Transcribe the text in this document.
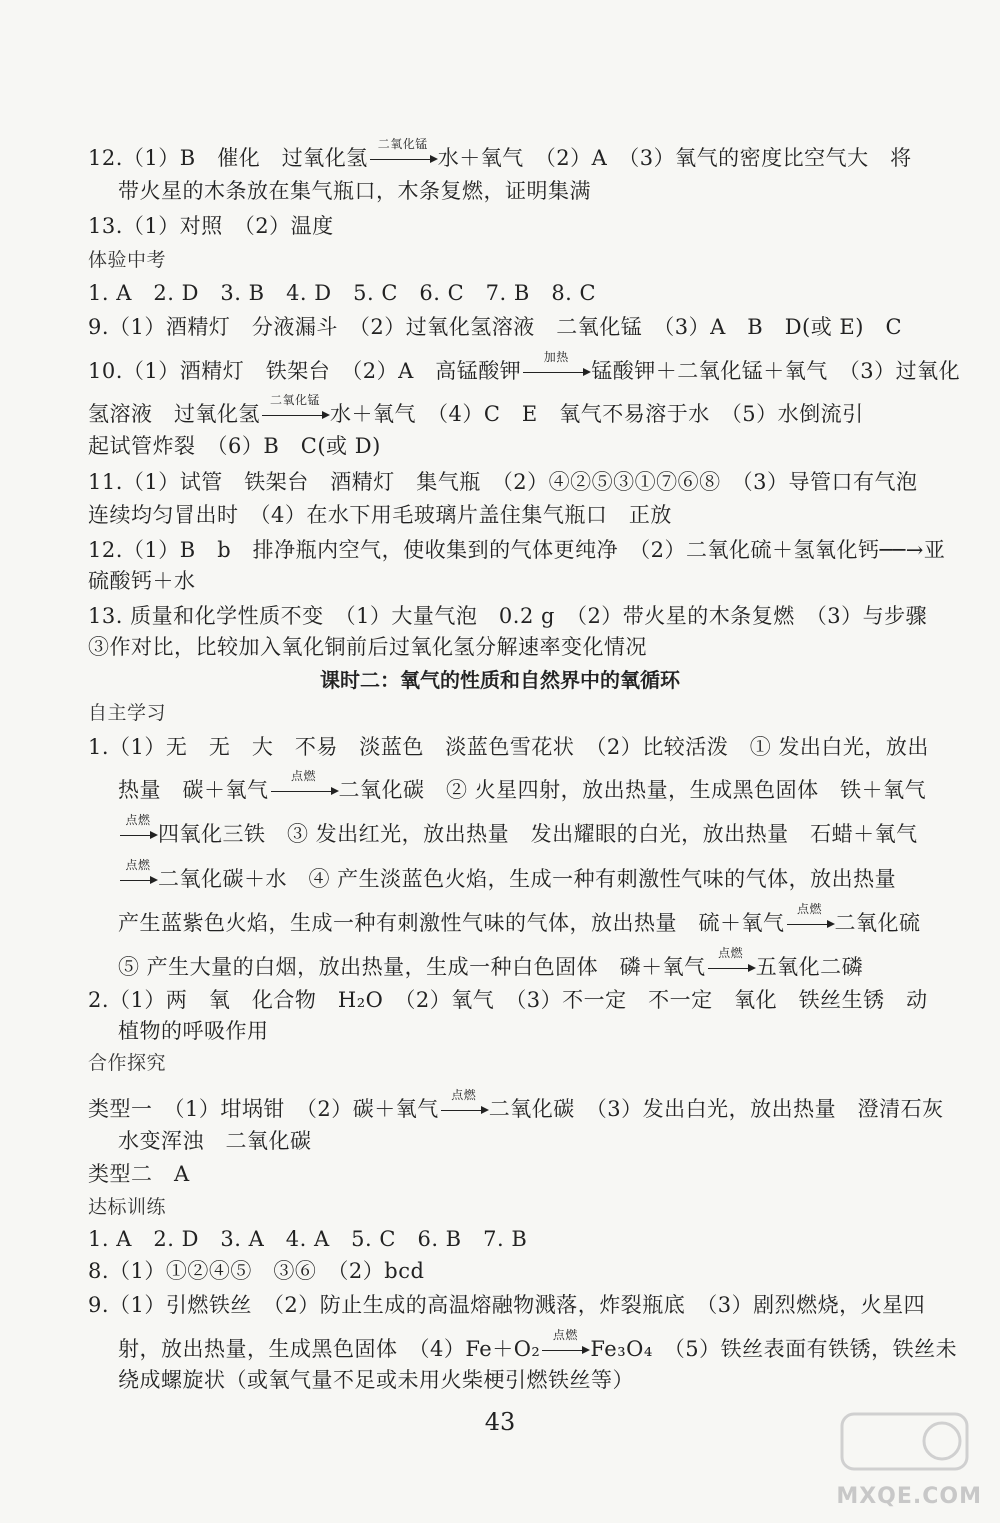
12.（1）B　催化　过氧化氢
二氧化锰
水＋氧气　（2）A　（3）氧气的密度比空气大　将
带火星的木条放在集气瓶口，木条复燃，证明集满
13.（1）对照　（2）温度
体验中考
1. A　2. D　3. B　4. D　5. C　6. C　7. B　8. C
9.（1）酒精灯　分液漏斗　（2）过氧化氢溶液　二氧化锰　（3）A　B　D(或 E)　C
10.（1）酒精灯　铁架台　（2）A　高锰酸钾
加热
锰酸钾＋二氧化锰＋氧气　（3）过氧化
氢溶液　过氧化氢
二氧化锰
水＋氧气　（4）C　E　氧气不易溶于水　（5）水倒流引
起试管炸裂　（6）B　C(或 D)
11.（1）试管　铁架台　酒精灯　集气瓶　（2）④②⑤③①⑦⑥⑧　（3）导管口有气泡
连续均匀冒出时　（4）在水下用毛玻璃片盖住集气瓶口　正放
12.（1）B　b　排净瓶内空气，使收集到的气体更纯净　（2）二氧化硫＋氢氧化钙──→亚
硫酸钙＋水
13. 质量和化学性质不变　（1）大量气泡　0.2 g　（2）带火星的木条复燃　（3）与步骤
③作对比，比较加入氧化铜前后过氧化氢分解速率变化情况
课时二：氧气的性质和自然界中的氧循环
自主学习
1.（1）无　无　大　不易　淡蓝色　淡蓝色雪花状　（2）比较活泼　① 发出白光，放出
热量　碳＋氧气
点燃
二氧化碳　② 火星四射，放出热量，生成黑色固体　铁＋氧气
点燃
四氧化三铁　③ 发出红光，放出热量　发出耀眼的白光，放出热量　石蜡＋氧气
点燃
二氧化碳＋水　④ 产生淡蓝色火焰，生成一种有刺激性气味的气体，放出热量
产生蓝紫色火焰，生成一种有刺激性气味的气体，放出热量　硫＋氧气
点燃
二氧化硫
⑤ 产生大量的白烟，放出热量，生成一种白色固体　磷＋氧气
点燃
五氧化二磷
2.（1）两　氧　化合物　H₂O　（2）氧气　（3）不一定　不一定　氧化　铁丝生锈　动
植物的呼吸作用
合作探究
类型一　（1）坩埚钳　（2）碳＋氧气
点燃
二氧化碳　（3）发出白光，放出热量　澄清石灰
水变浑浊　二氧化碳
类型二　A
达标训练
1. A　2. D　3. A　4. A　5. C　6. B　7. B
8.（1）①②④⑤　③⑥　（2）bcd
9.（1）引燃铁丝　（2）防止生成的高温熔融物溅落，炸裂瓶底　（3）剧烈燃烧，火星四
射，放出热量，生成黑色固体　（4）Fe＋O₂
点燃
Fe₃O₄　（5）铁丝表面有铁锈，铁丝未
绕成螺旋状（或氧气量不足或未用火柴梗引燃铁丝等）
43
MXQE.COM
